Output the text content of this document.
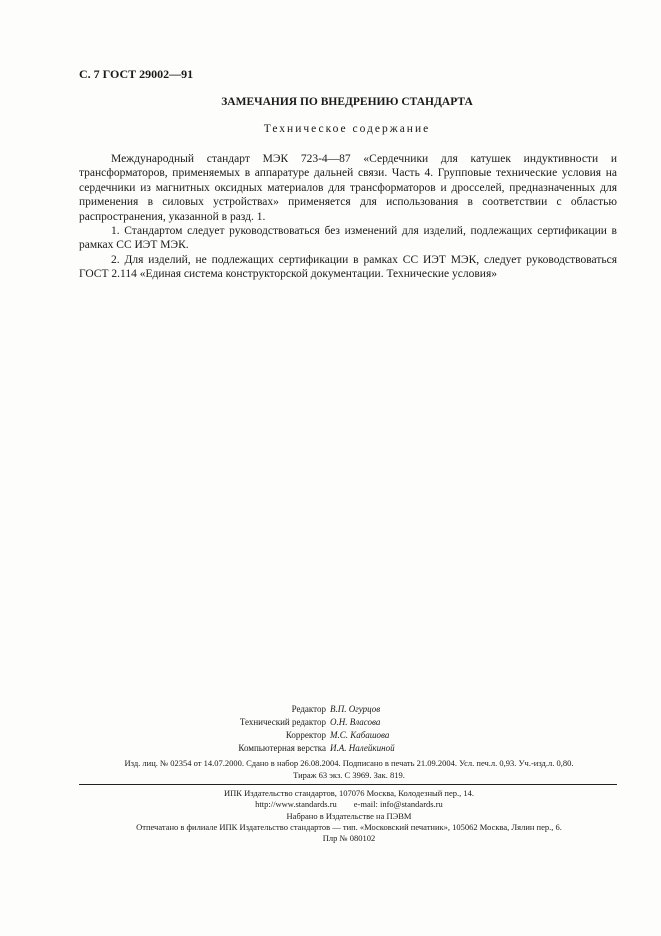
С. 7 ГОСТ 29002—91
ЗАМЕЧАНИЯ ПО ВНЕДРЕНИЮ СТАНДАРТА
Техническое содержание

Международный стандарт МЭК 723-4—87 «Сердечники для катушек индуктивности и трансформаторов, применяемых в аппаратуре дальней связи. Часть 4. Групповые технические условия на сердечники из магнитных оксидных материалов для трансформаторов и дросселей, предназначенных для применения в силовых устройствах» применяется для использования в соответствии с областью распространения, указанной в разд. 1.

1. Стандартом следует руководствоваться без изменений для изделий, подлежащих сертификации в рамках СС ИЭТ МЭК.

2. Для изделий, не подлежащих сертификации в рамках СС ИЭТ МЭК, следует руководствоваться ГОСТ 2.114 «Единая система конструкторской документации. Технические условия»

Редактор В.П. Огурцов
Технический редактор О.Н. Власова
Корректор М.С. Кабашова
Компьютерная верстка И.А. Налейкиной
Изд. лиц. № 02354 от 14.07.2000. Сдано в набор 26.08.2004. Подписано в печать 21.09.2004. Усл. печ.л. 0,93. Уч.-изд.л. 0,80.
Тираж 63 экз. С 3969. Зак. 819.
ИПК Издательство стандартов, 107076 Москва, Колодезный пер., 14.
http://www.standards.ru        e-mail: info@standards.ru
Набрано в Издательстве на ПЭВМ
Отпечатано в филиале ИПК Издательство стандартов — тип. «Московский печатник», 105062 Москва, Лялин пер., 6.
Плр № 080102
